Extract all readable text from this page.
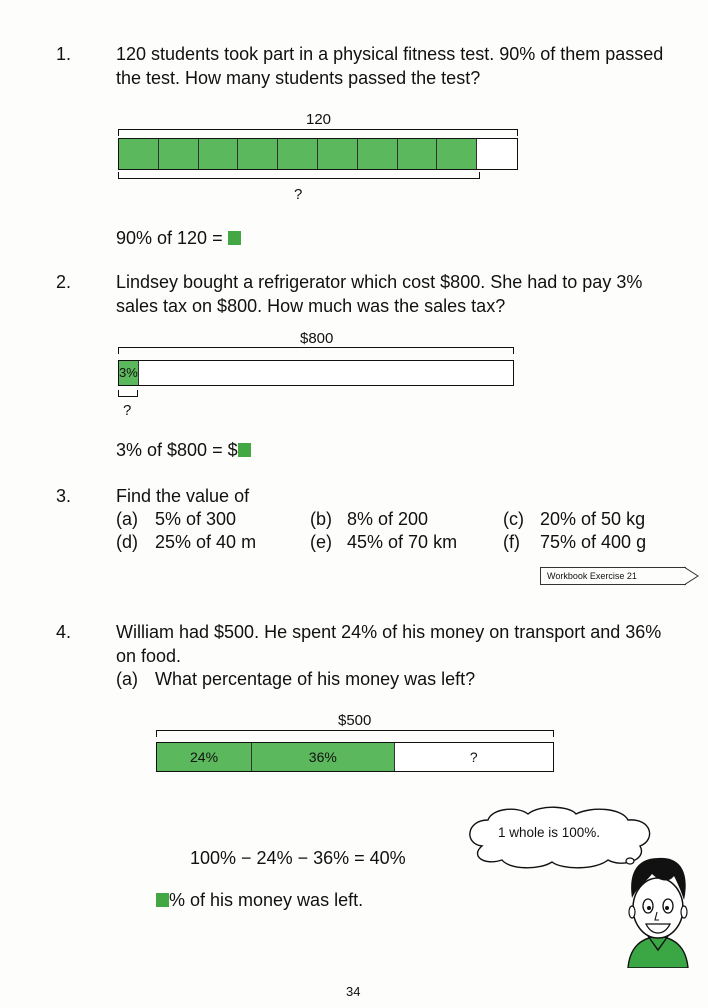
1. 120 students took part in a physical fitness test. 90% of them passed
the test. How many students passed the test?
120
?
90% of 120 =
2. Lindsey bought a refrigerator which cost $800. She had to pay 3%
sales tax on $800. How much was the sales tax?
$800
3%
?
3% of $800 = $
3. Find the value of
(a) 5% of 300	(b) 8% of 200	(c) 20% of 50 kg
(d) 25% of 40 m	(e) 45% of 70 km	(f) 75% of 400 g
Workbook Exercise 21
4. William had $500. He spent 24% of his money on transport and 36%
on food.
(a) What percentage of his money was left?
$500
24%	36%	?
100% − 24% − 36% = 40%
% of his money was left.
1 whole is 100%.
34
